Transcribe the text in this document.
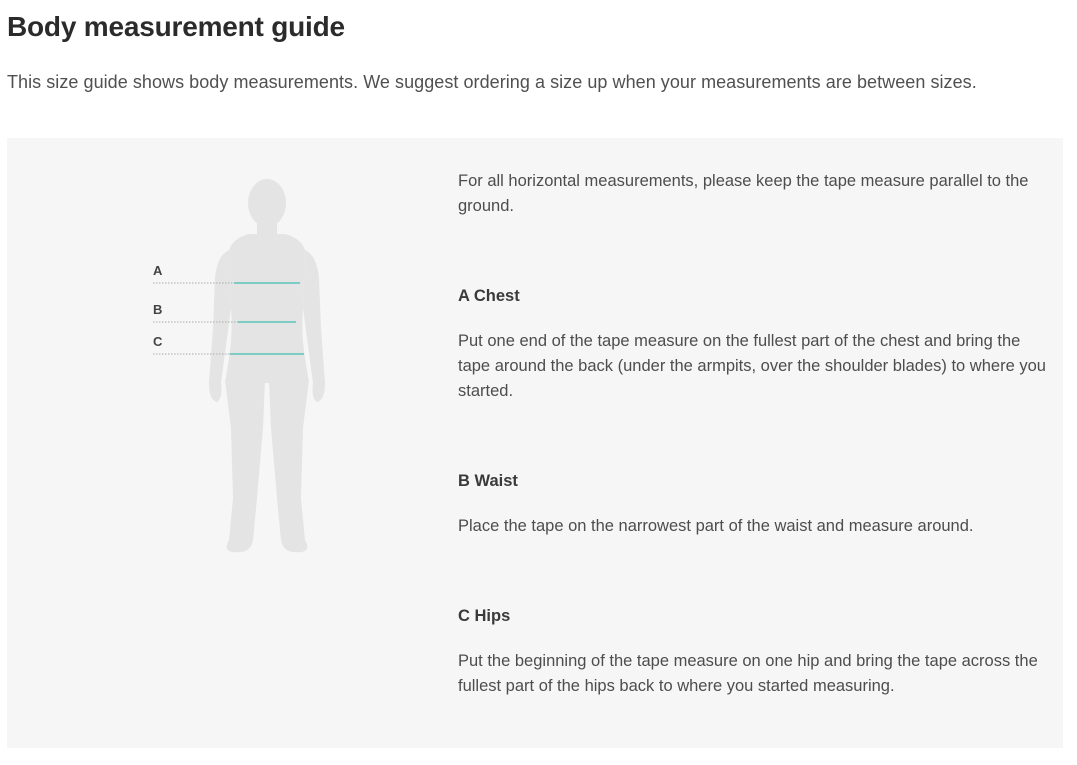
Body measurement guide

This size guide shows body measurements. We suggest ordering a size up when your measurements are between sizes.

A
B
C

For all horizontal measurements, please keep the tape measure parallel to the ground.

A Chest

Put one end of the tape measure on the fullest part of the chest and bring the tape around the back (under the armpits, over the shoulder blades) to where you started.

B Waist

Place the tape on the narrowest part of the waist and measure around.

C Hips

Put the beginning of the tape measure on one hip and bring the tape across the fullest part of the hips back to where you started measuring.
